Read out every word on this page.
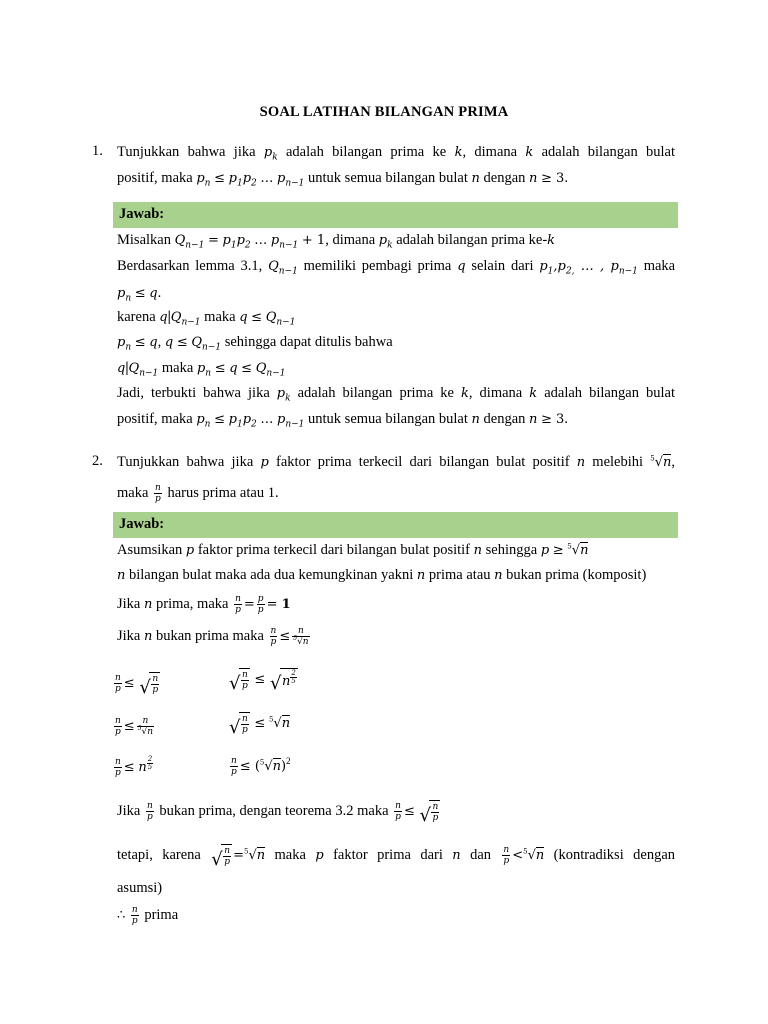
SOAL LATIHAN BILANGAN PRIMA
1. Tunjukkan bahwa jika $p_k$ adalah bilangan prima ke k, dimana k adalah bilangan bulat
positif, maka $p_n \le p_1p_2$ … $p_{n-1}$ untuk semua bilangan bulat n dengan n ≥ 3.
Jawab:
Misalkan $Q_{n-1} = p_1p_2$ … $p_{n-1} + 1$, dimana $p_k$ adalah bilangan prima ke-k
Berdasarkan lemma 3.1, $Q_{n-1}$ memiliki pembagi prima q selain dari $p_1,p_{2,}$ … , $p_{n-1}$ maka
$p_n \le q$.
karena $q|Q_{n-1}$ maka $q \le Q_{n-1}$
$p_n \le q$, $q \le Q_{n-1}$ sehingga dapat ditulis bahwa
$q|Q_{n-1}$ maka $p_n \le q \le Q_{n-1}$
Jadi, terbukti bahwa jika $p_k$ adalah bilangan prima ke k, dimana k adalah bilangan bulat
positif, maka $p_n \le p_1p_2$ … $p_{n-1}$ untuk semua bilangan bulat n dengan n ≥ 3.
2. Tunjukkan bahwa jika p faktor prima terkecil dari bilangan bulat positif n melebihi $^5$√n,
maka $\frac{n}{p}$ harus prima atau 1.
Jawab:
Asumsikan p faktor prima terkecil dari bilangan bulat positif n sehingga p ≥ $^5$√n
n bilangan bulat maka ada dua kemungkinan yakni n prima atau n bukan prima (komposit)
Jika n prima, maka $\frac{n}{p} = \frac{p}{p} = 1$
Jika n bukan prima maka $\frac{n}{p} \le \frac{n}{^5√n}$
$\frac{n}{p}$ ≤ √ $\frac{n}{p}$
$\frac{n}{p} \le \frac{n}{^5√n}$
$\frac{n}{p} \le n$ $^{\frac{2}{5}}$
√ $\frac{n}{p}$ ≤ √ n $^{\frac{2}{5}}$
√ $\frac{n}{p} \le ^5√n$
$\frac{n}{p} \le (^5√n)^2$
Jika $\frac{n}{p}$ bukan prima, dengan teorema 3.2 maka $\frac{n}{p}$ ≤ √ $\frac{n}{p}$
tetapi, karena √ $\frac{n}{p} =^5√n$ maka p faktor prima dari n dan $\frac{n}{p} <^5√n$ (kontradiksi dengan
asumsi)
∴ $\frac{n}{p}$ prima
